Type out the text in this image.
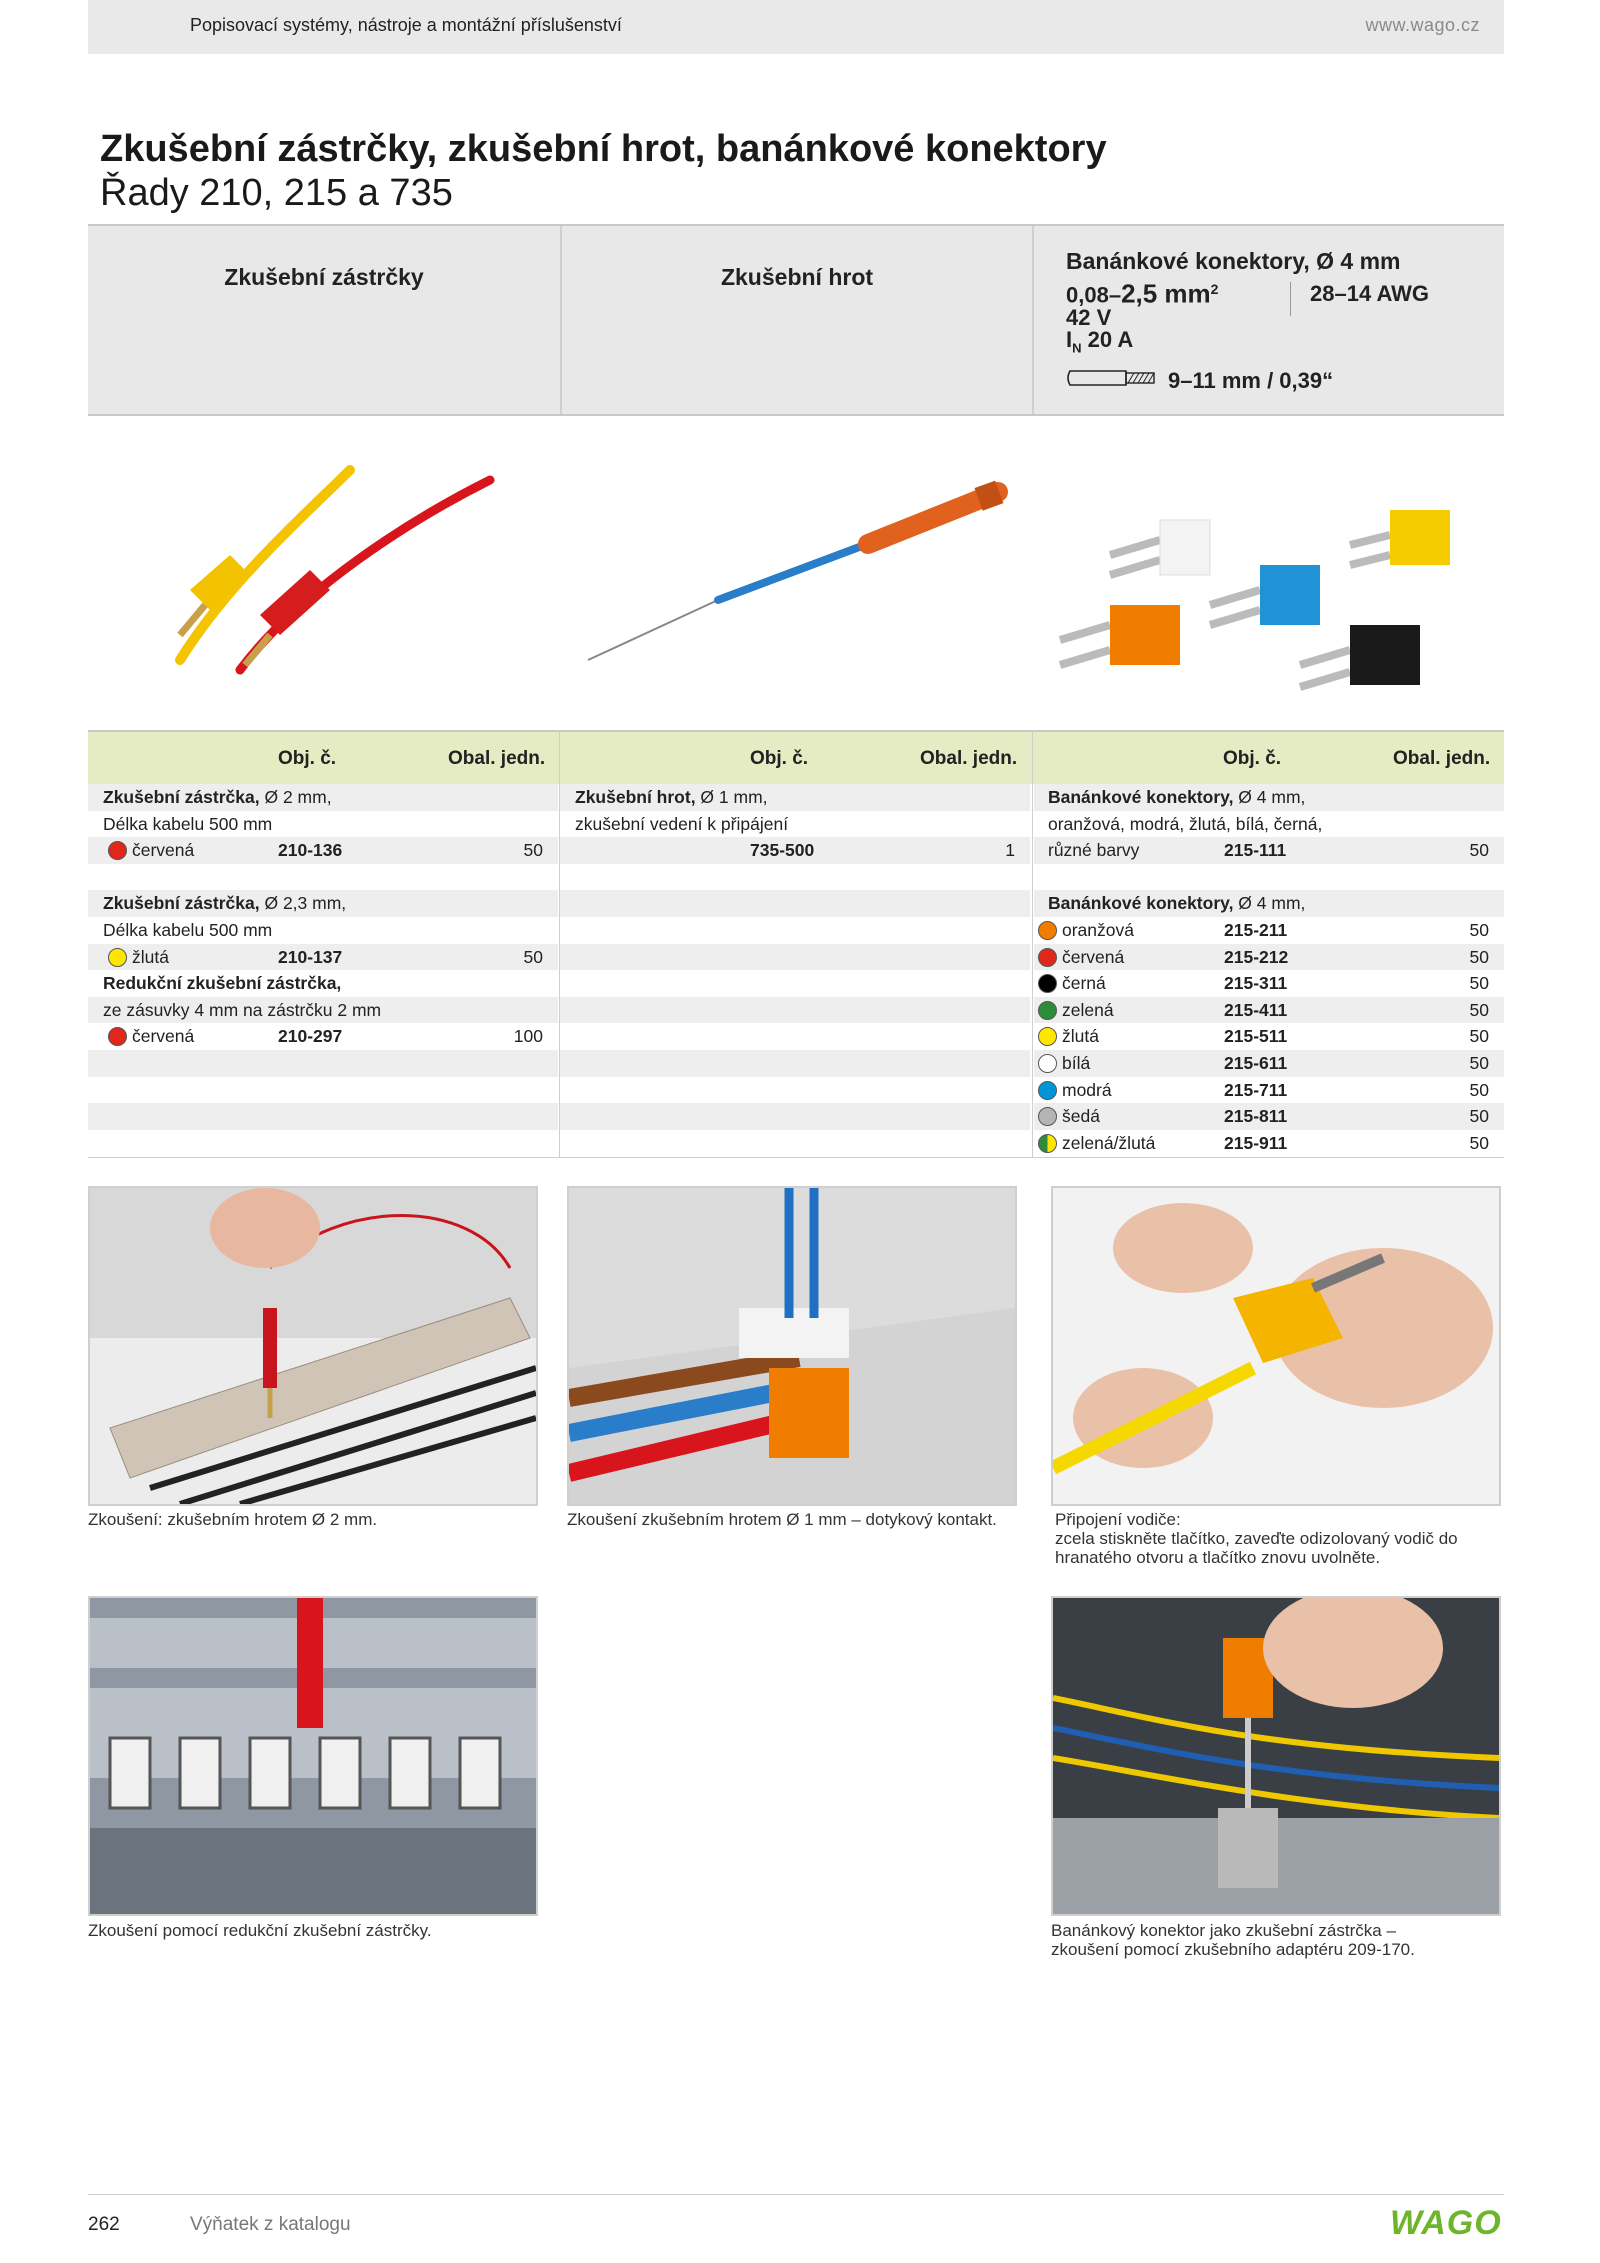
Popisovací systémy, nástroje a montážní příslušenství	www.wago.cz
Zkušební zástrčky, zkušební hrot, banánkové konektory
Řady 210, 215 a 735
Zkušební zástrčky	Zkušební hrot
Banánkové konektory, Ø 4 mm
0,08–2,5 $mm^2$	28–14 AWG
42 V
$I_N$ 20 A
9–11 mm / 0,39“
Obj. č.	Obal. jedn.	Obj. č.	Obal. jedn.	Obj. č.	Obal. jedn.
Zkušební zástrčka, Ø 2 mm,
Délka kabelu 500 mm
červená	210-136	50
Zkušební zástrčka, Ø 2,3 mm,
Délka kabelu 500 mm
žlutá	210-137	50
Redukční zkušební zástrčka,
ze zásuvky 4 mm na zástrčku 2 mm
červená	210-297	100
Zkušební hrot, Ø 1 mm,
zkušební vedení k připájení
735-500	1
Banánkové konektory, Ø 4 mm,
oranžová, modrá, žlutá, bílá, černá,
různé barvy	215-111	50
Banánkové konektory, Ø 4 mm,
oranžová	215-211	50
červená	215-212	50
černá	215-311	50
zelená	215-411	50
žlutá	215-511	50
bílá	215-611	50
modrá	215-711	50
šedá	215-811	50
zelená/žlutá	215-911	50
Zkoušení: zkušebním hrotem Ø 2 mm.	Zkoušení zkušebním hrotem Ø 1 mm – dotykový kontakt.	Připojení vodiče:
zcela stiskněte tlačítko, zaveďte odizolovaný vodič do
hranatého otvoru a tlačítko znovu uvolněte.
Zkoušení pomocí redukční zkušební zástrčky.	Banánkový konektor jako zkušební zástrčka –
zkoušení pomocí zkušebního adaptéru 209-170.
262	Výňatek z katalogu	WAGO
